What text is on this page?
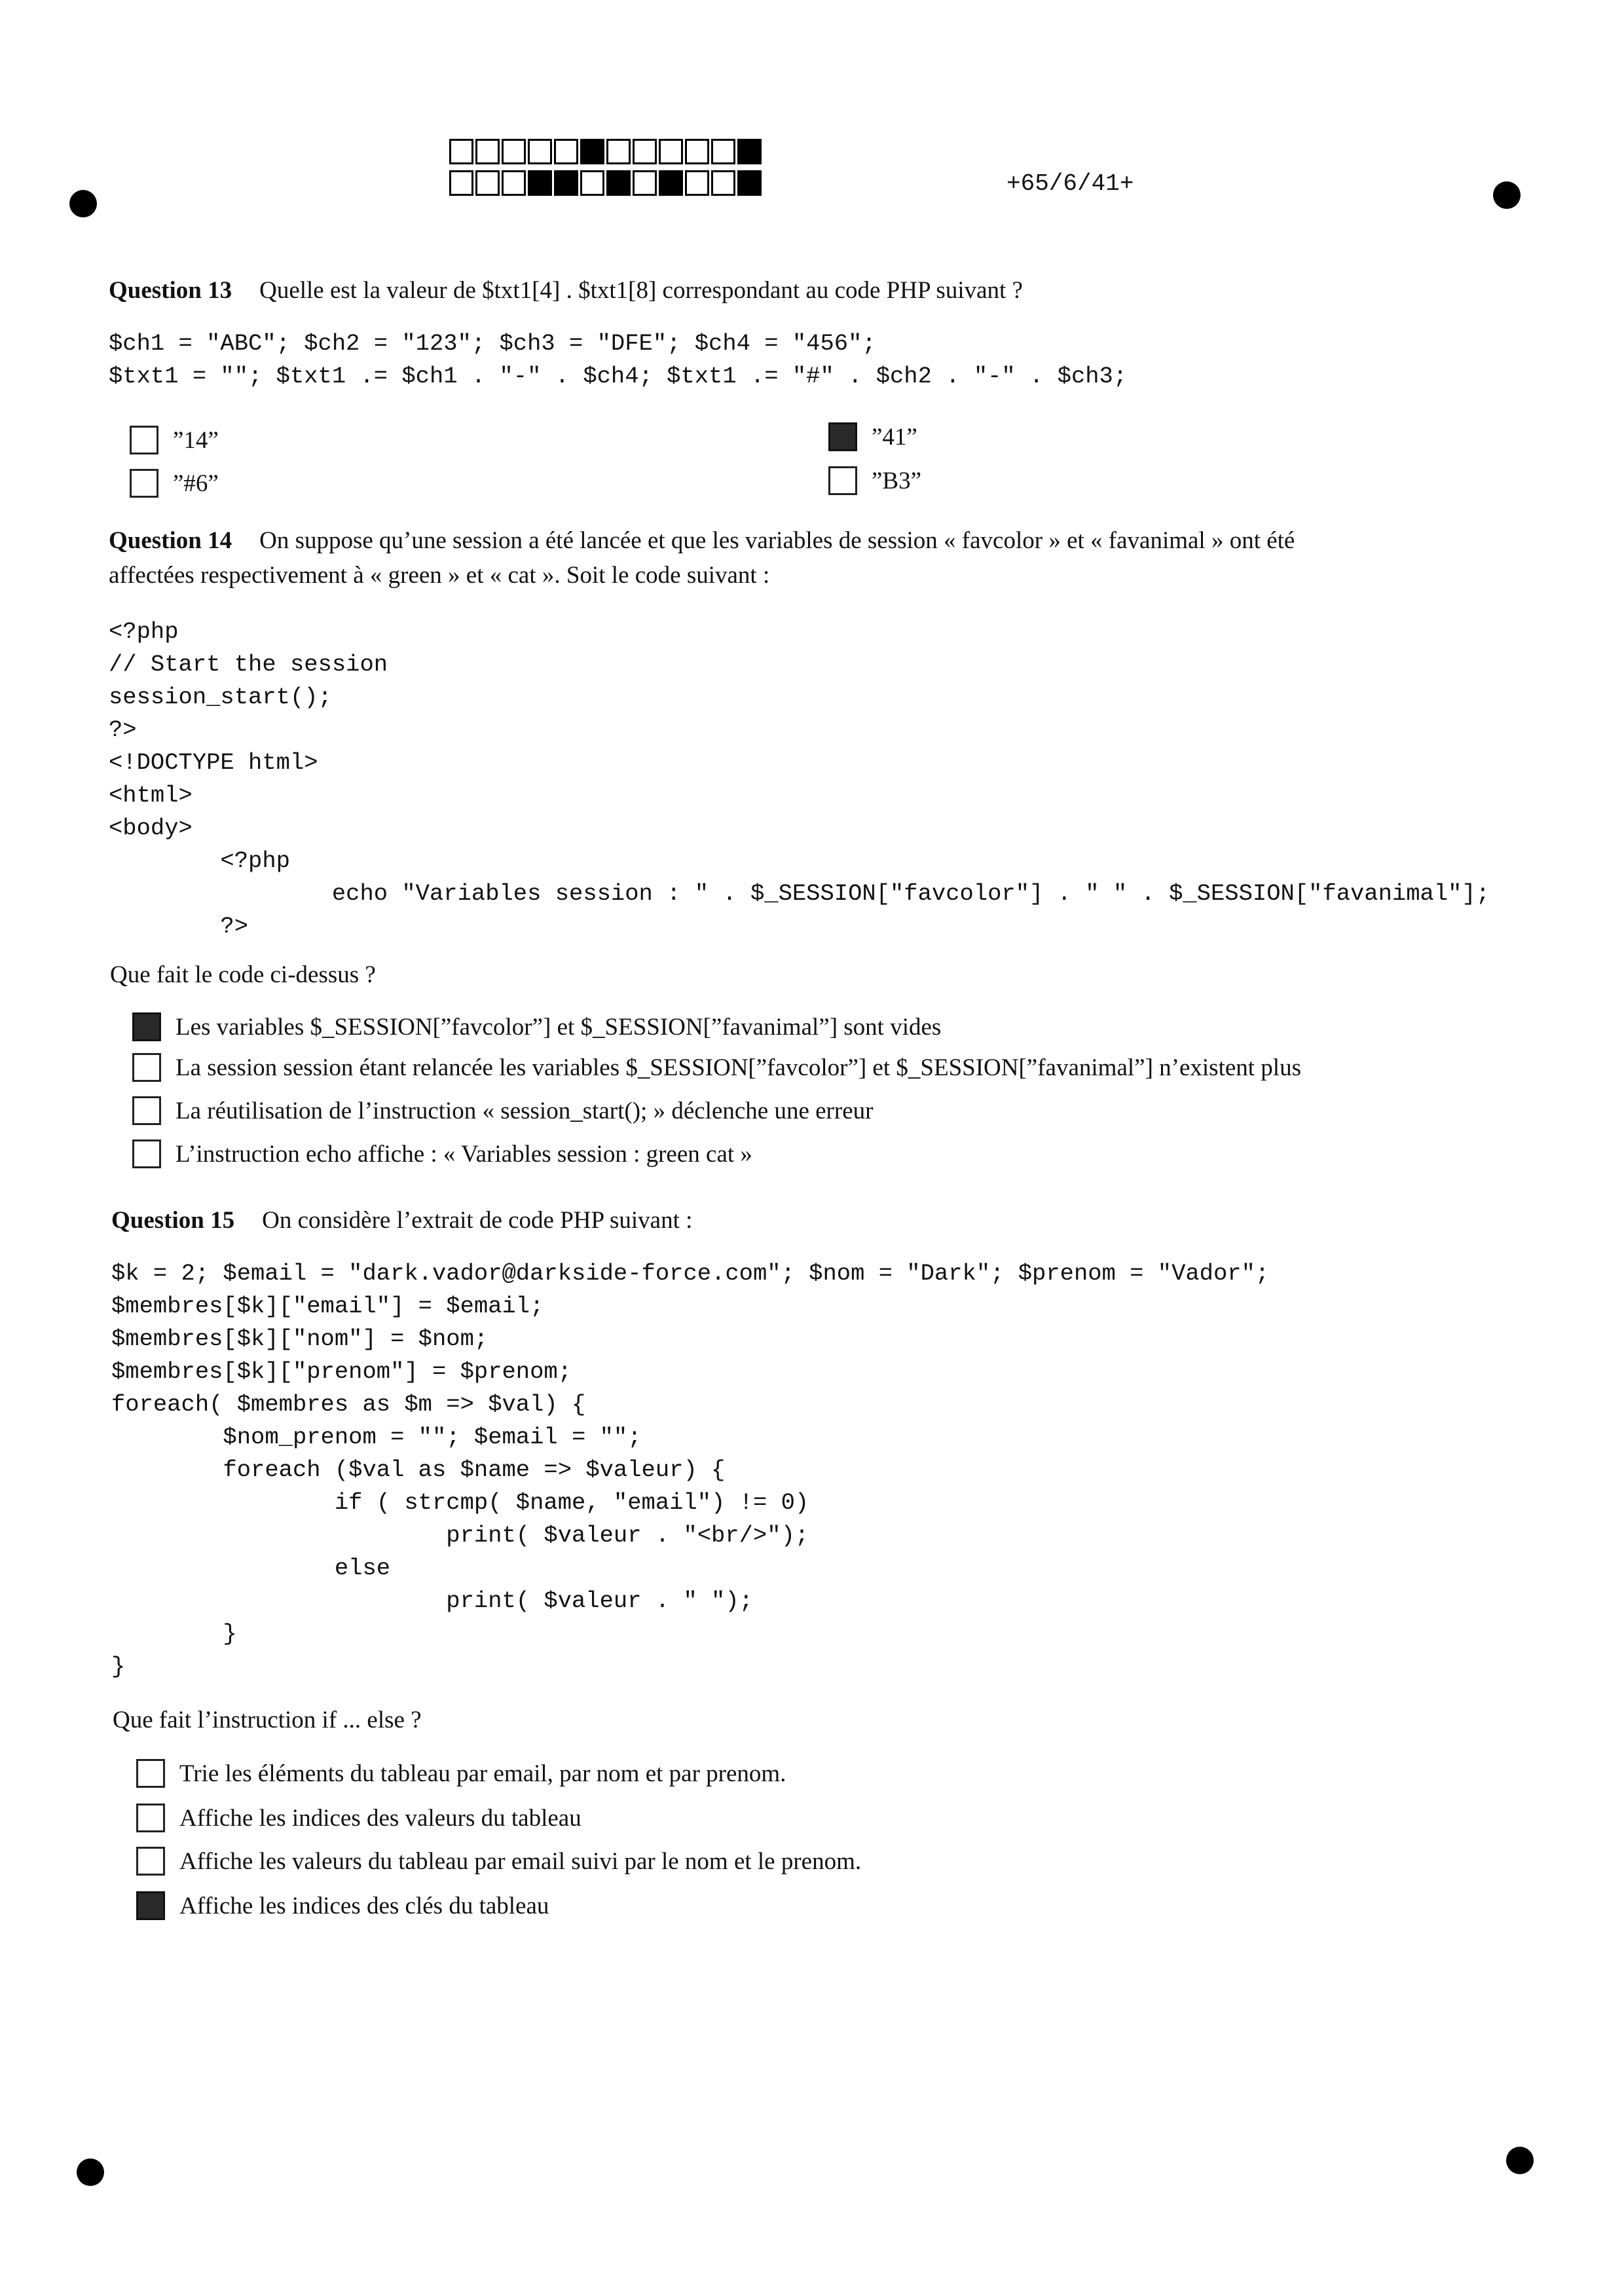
+65/6/41+
Question 13 Quelle est la valeur de $txt1[4] . $txt1[8] correspondant au code PHP suivant ?
$ch1 = "ABC"; $ch2 = "123"; $ch3 = "DFE"; $ch4 = "456";
$txt1 = ""; $txt1 .= $ch1 . "-" . $ch4; $txt1 .= "#" . $ch2 . "-" . $ch3;
”14”	”41”
”#6”	”B3”
Question 14 On suppose qu’une session a été lancée et que les variables de session « favcolor » et « favanimal » ont été
affectées respectivement à « green » et « cat ». Soit le code suivant :
<?php
// Start the session
session_start();
?>
<!DOCTYPE html>
<html>
<body>
<?php
echo "Variables session : " . $_SESSION["favcolor"] . " " . $_SESSION["favanimal"];
?>
Que fait le code ci-dessus ?
Les variables $_SESSION[”favcolor”] et $_SESSION[”favanimal”] sont vides
La session session étant relancée les variables $_SESSION[”favcolor”] et $_SESSION[”favanimal”] n’existent plus
La réutilisation de l’instruction « session_start(); » déclenche une erreur
L’instruction echo affiche : « Variables session : green cat »
Question 15 On considère l’extrait de code PHP suivant :
$k = 2; $email = "dark.vador@darkside-force.com"; $nom = "Dark"; $prenom = "Vador";
$membres[$k]["email"] = $email;
$membres[$k]["nom"] = $nom;
$membres[$k]["prenom"] = $prenom;
foreach( $membres as $m => $val) {
$nom_prenom = ""; $email = "";
foreach ($val as $name => $valeur) {
if ( strcmp( $name, "email") != 0)
print( $valeur . "<br/>");
else
print( $valeur . " ");
}
}
Que fait l’instruction if ... else ?
Trie les éléments du tableau par email, par nom et par prenom.
Affiche les indices des valeurs du tableau
Affiche les valeurs du tableau par email suivi par le nom et le prenom.
Affiche les indices des clés du tableau
